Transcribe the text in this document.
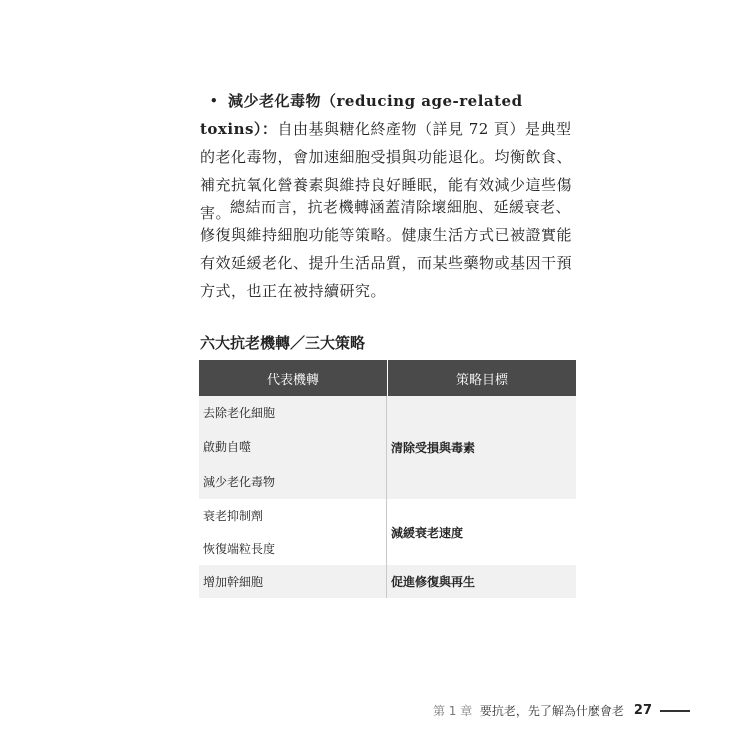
• 減少老化毒物（reducing age-related toxins）：自由基與糖化終產物（詳見 72 頁）是典型的老化毒物，會加速細胞受損與功能退化。均衡飲食、補充抗氧化營養素與維持良好睡眠，能有效減少這些傷害。
總結而言，抗老機轉涵蓋清除壞細胞、延緩衰老、修復與維持細胞功能等策略。健康生活方式已被證實能有效延緩老化、提升生活品質，而某些藥物或基因干預方式，也正在被持續研究。
六大抗老機轉／三大策略
代表機轉	策略目標
去除老化細胞
啟動自噬
減少老化毒物
清除受損與毒素
衰老抑制劑
恢復端粒長度
減緩衰老速度
增加幹細胞	促進修復與再生
第 1 章 要抗老，先了解為什麼會老 27
